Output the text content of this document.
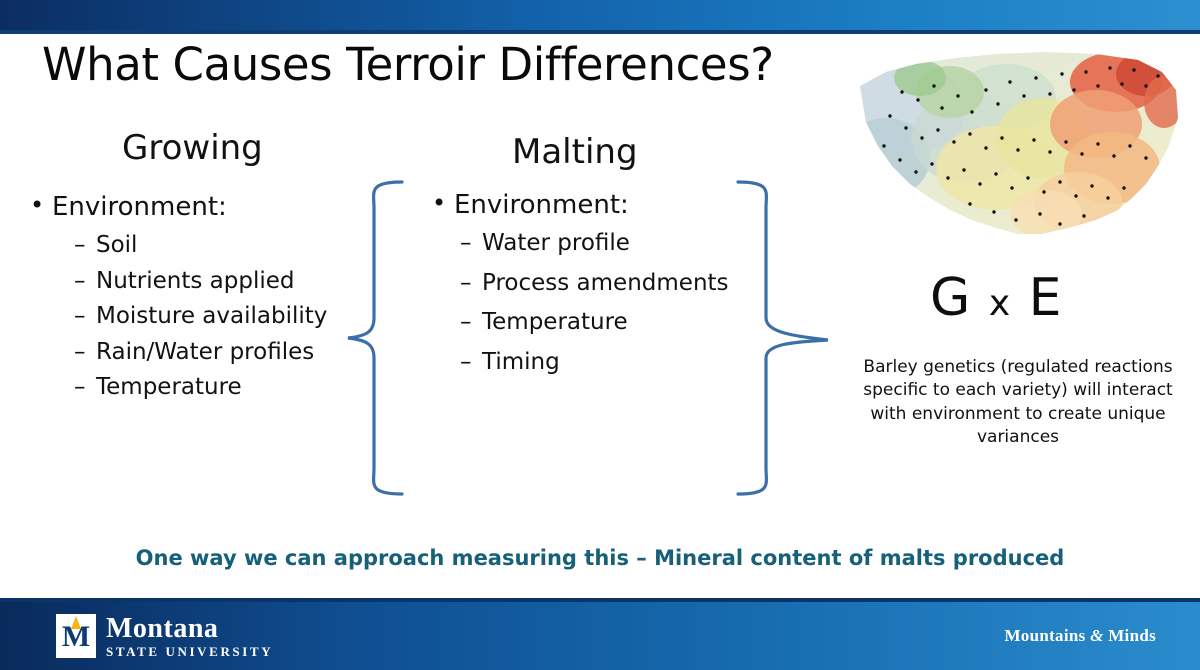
What Causes Terroir Differences?
Growing	Malting
• Environment:
– Soil
– Nutrients applied
– Moisture availability
– Rain/Water profiles
– Temperature
• Environment:
– Water profile
– Process amendments
– Temperature
– Timing
G x E
Barley genetics (regulated reactions specific to each variety) will interact with environment to create unique variances
One way we can approach measuring this – Mineral content of malts produced
M Montana
STATE UNIVERSITY
Mountains & Minds
